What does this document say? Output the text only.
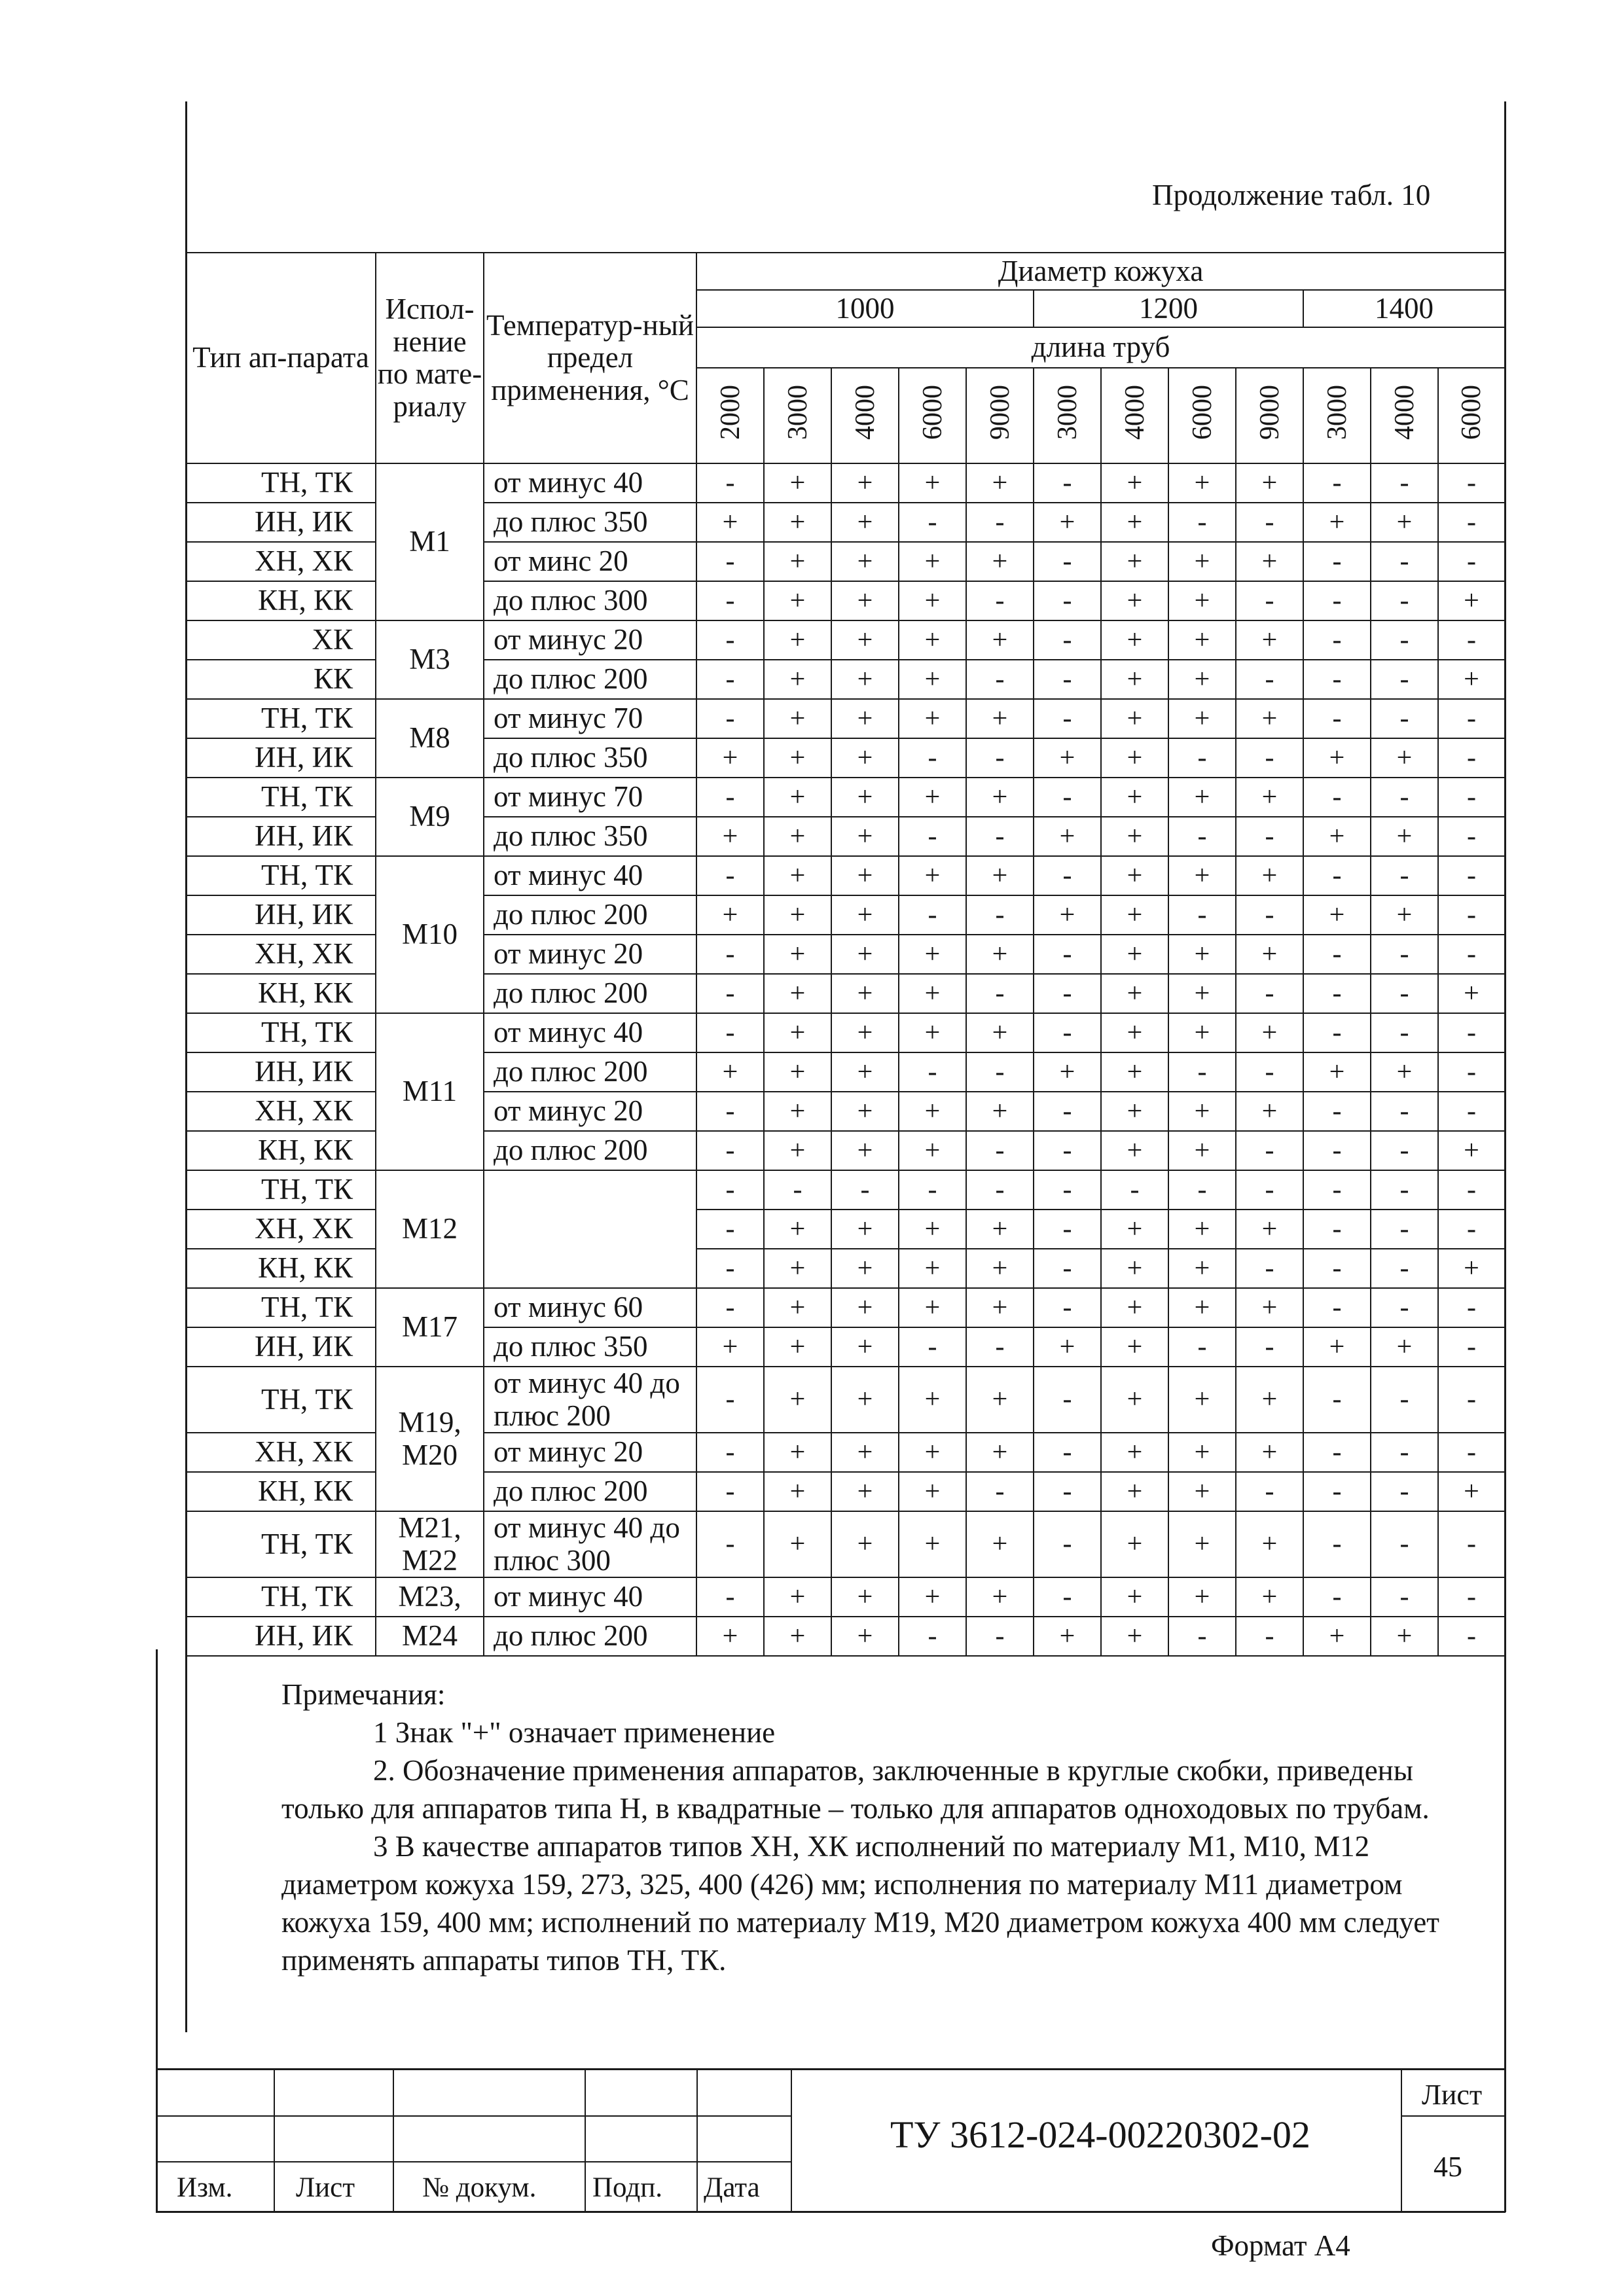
Продолжение табл. 10
Тип ап-парата	Испол-нение по мате-риалу	Температур-ный предел применения, °С	Диаметр кожуха											
			1000					1200				1400		
			длина труб											
			2000	3000	4000	6000	9000	3000	4000	6000	9000	3000	4000	6000
ТН, ТК	М1	от минус 40	-	+	+	+	+	-	+	+	+	-	-	-
ИН, ИК		до плюс 350	+	+	+	-	-	+	+	-	-	+	+	-
ХН, ХК		от минс 20	-	+	+	+	+	-	+	+	+	-	-	-
КН, КК		до плюс 300	-	+	+	+	-	-	+	+	-	-	-	+
ХК	М3	от минус 20	-	+	+	+	+	-	+	+	+	-	-	-
КК		до плюс 200	-	+	+	+	-	-	+	+	-	-	-	+
ТН, ТК	М8	от минус 70	-	+	+	+	+	-	+	+	+	-	-	-
ИН, ИК		до плюс 350	+	+	+	-	-	+	+	-	-	+	+	-
ТН, ТК	М9	от минус 70	-	+	+	+	+	-	+	+	+	-	-	-
ИН, ИК		до плюс 350	+	+	+	-	-	+	+	-	-	+	+	-
ТН, ТК	М10	от минус 40	-	+	+	+	+	-	+	+	+	-	-	-
ИН, ИК		до плюс 200	+	+	+	-	-	+	+	-	-	+	+	-
ХН, ХК		от минус 20	-	+	+	+	+	-	+	+	+	-	-	-
КН, КК		до плюс 200	-	+	+	+	-	-	+	+	-	-	-	+
ТН, ТК	М11	от минус 40	-	+	+	+	+	-	+	+	+	-	-	-
ИН, ИК		до плюс 200	+	+	+	-	-	+	+	-	-	+	+	-
ХН, ХК		от минус 20	-	+	+	+	+	-	+	+	+	-	-	-
КН, КК		до плюс 200	-	+	+	+	-	-	+	+	-	-	-	+
ТН, ТК	М12		-	-	-	-	-	-	-	-	-	-	-	-
ХН, ХК			-	+	+	+	+	-	+	+	+	-	-	-
КН, КК			-	+	+	+	+	-	+	+	-	-	-	+
ТН, ТК	М17	от минус 60	-	+	+	+	+	-	+	+	+	-	-	-
ИН, ИК		до плюс 350	+	+	+	-	-	+	+	-	-	+	+	-
ТН, ТК	М19, М20	от минус 40 до плюс 200	-	+	+	+	+	-	+	+	+	-	-	-
ХН, ХК		от минус 20	-	+	+	+	+	-	+	+	+	-	-	-
КН, КК		до плюс 200	-	+	+	+	-	-	+	+	-	-	-	+
ТН, ТК	М21, М22	от минус 40 до плюс 300	-	+	+	+	+	-	+	+	+	-	-	-
ТН, ТК	М23,	от минус 40	-	+	+	+	+	-	+	+	+	-	-	-
ИН, ИК	М24	до плюс 200	+	+	+	-	-	+	+	-	-	+	+	-

Примечания:

1 Знак "+" означает применение

2. Обозначение применения аппаратов, заключенные в круглые скобки, приведены только для аппаратов типа Н, в квадратные – только для аппаратов одноходовых по трубам.

3 В качестве аппаратов типов ХН, ХК исполнений по материалу М1, М10, М12 диаметром кожуха 159, 273, 325, 400 (426) мм; исполнения по материалу М11 диаметром кожуха 159, 400 мм; исполнений по материалу М19, М20 диаметром кожуха 400 мм следует применять аппараты типов ТН, ТК.

Изм. Лист № докум. Подп. Дата
ТУ 3612-024-00220302-02
Лист
45
Формат А4
